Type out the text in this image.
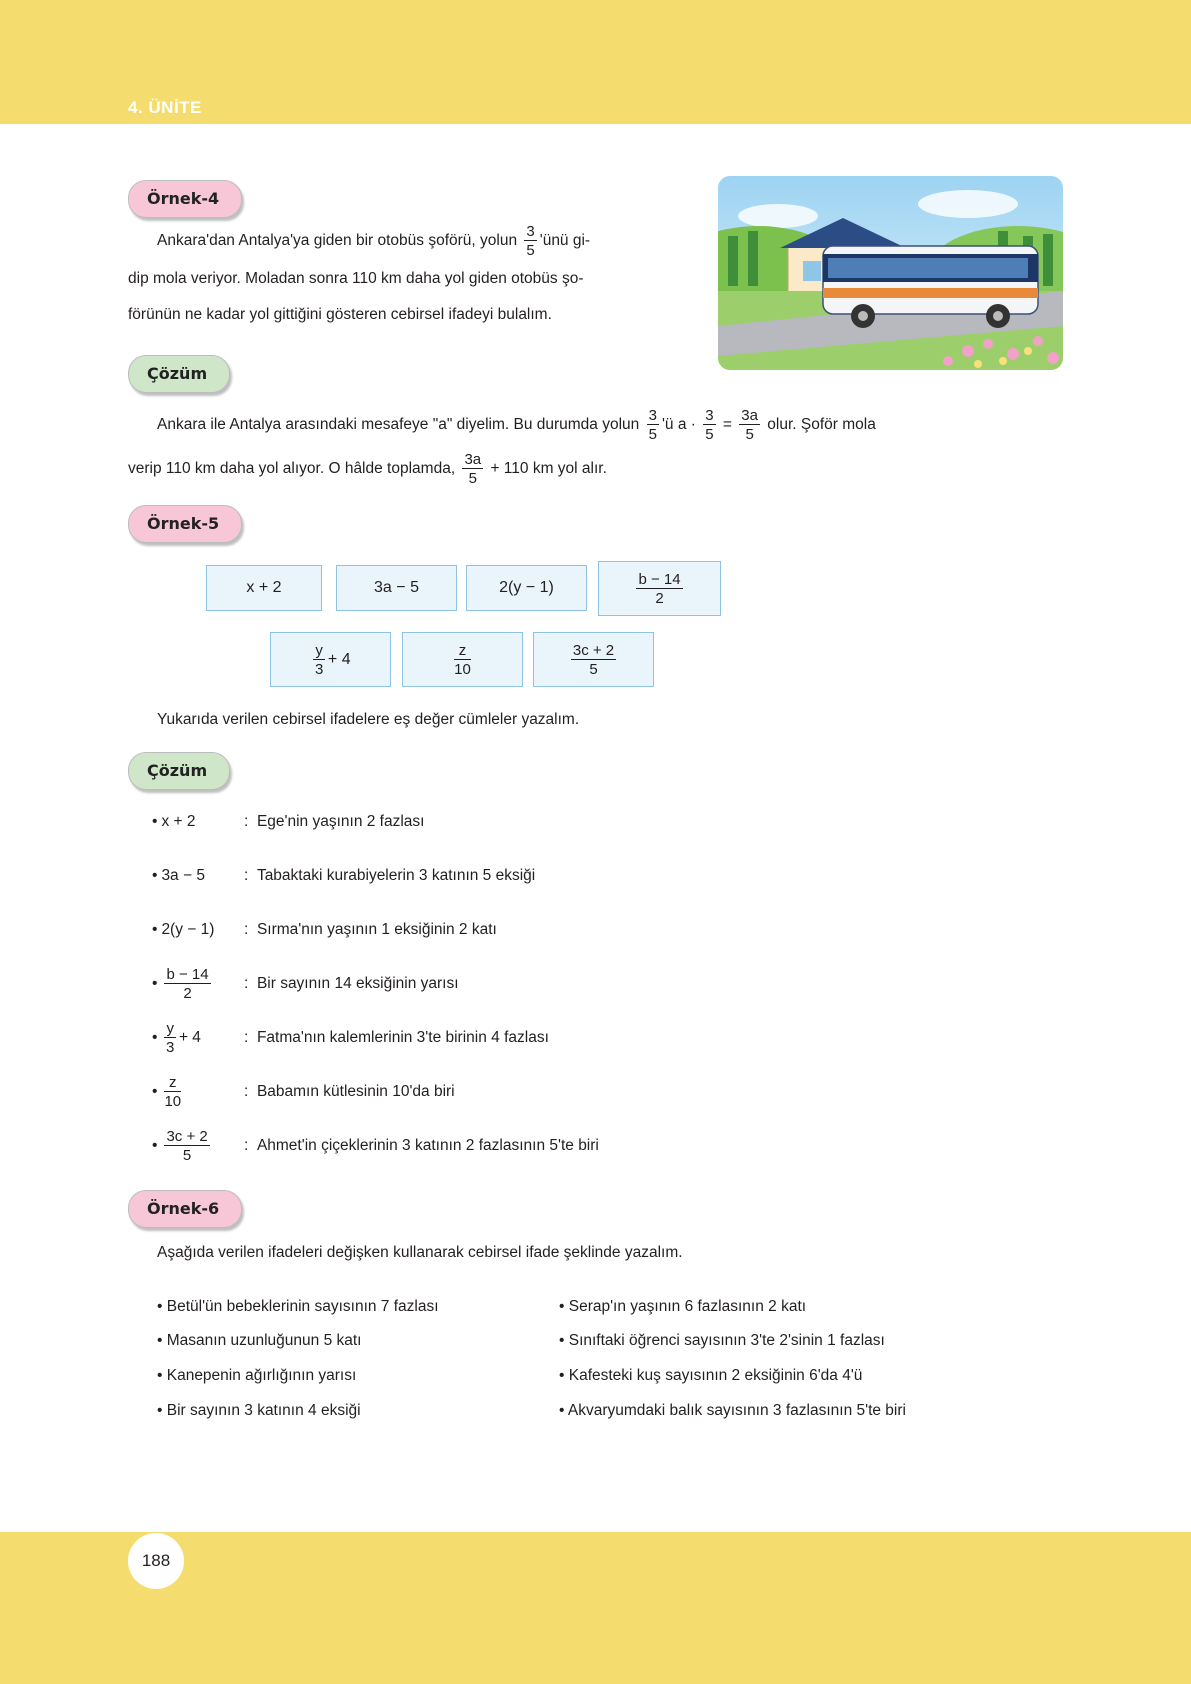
4. ÜNİTE
Örnek-4
Ankara'dan Antalya'ya giden bir otobüs şoförü, yolun $\frac{3}{5}$ 'ünü gi-
dip mola veriyor. Moladan sonra 110 km daha yol giden otobüs şo-
förünün ne kadar yol gittiğini gösteren cebirsel ifadeyi bulalım.
Çözüm
Ankara ile Antalya arasındaki mesafeye "a" diyelim. Bu durumda yolun $\frac{3}{5}$ 'ü $a \cdot \frac{3}{5} = \frac{3a}{5}$ olur. Şoför mola
verip 110 km daha yol alıyor. O hâlde toplamda, $\frac{3a}{5} + 110$ km yol alır.
Örnek-5
x + 2	3a − 5	2(y − 1)	$\frac{b - 14}{2}$
$\frac{y}{3} + 4$	$\frac{z}{10}$	$\frac{3c + 2}{5}$
Yukarıda verilen cebirsel ifadelere eş değer cümleler yazalım.
Çözüm
• x + 2	:
Ege'nin yaşının 2 fazlası
• 3a − 5	:
Tabaktaki kurabiyelerin 3 katının 5 eksiği
• 2(y − 1) :
Sırma'nın yaşının 1 eksiğinin 2 katı
• $\frac{b - 14}{2}$ :
Bir sayının 14 eksiğinin yarısı
• $\frac{y}{3} + 4$	:
Fatma'nın kalemlerinin 3'te birinin 4 fazlası
• $\frac{z}{10}$	:
Babamın kütlesinin 10'da biri
• $\frac{3c + 2}{5}$ :
Ahmet'in çiçeklerinin 3 katının 2 fazlasının 5'te biri
Örnek-6
Aşağıda verilen ifadeleri değişken kullanarak cebirsel ifade şeklinde yazalım.
• Betül'ün bebeklerinin sayısının 7 fazlası
• Masanın uzunluğunun 5 katı
• Kanepenin ağırlığının yarısı
• Bir sayının 3 katının 4 eksiği
• Serap'ın yaşının 6 fazlasının 2 katı
• Sınıftaki öğrenci sayısının 3'te 2'sinin 1 fazlası
• Kafesteki kuş sayısının 2 eksiğinin 6'da 4'ü
• Akvaryumdaki balık sayısının 3 fazlasının 5'te biri
188
